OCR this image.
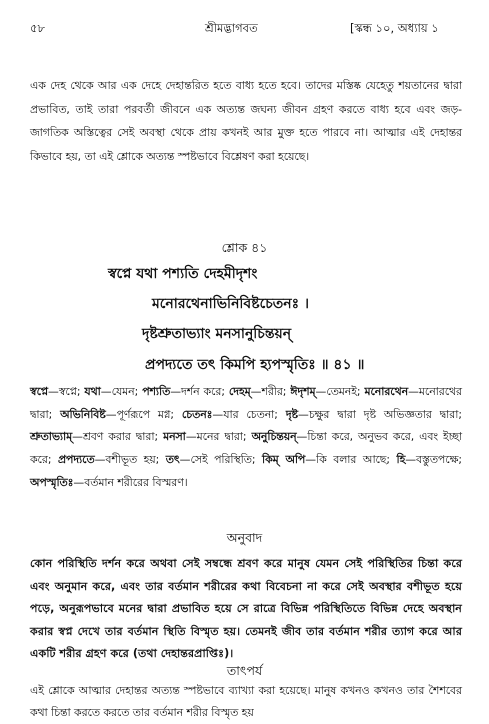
৫৮	শ্রীমদ্ভাগবত	[স্কন্ধ ১০, অধ্যায় ১
এক দেহ থেকে আর এক দেহে দেহান্তরিত হতে বাধ্য হতে হবে। তাদের মস্তিষ্ক যেহেতু শয়তানের দ্বারা প্রভাবিত, তাই তারা পরবর্তী জীবনে এক অত্যন্ত জঘন্য জীবন গ্রহণ করতে বাধ্য হবে এবং জড়-জাগতিক অস্তিত্বের সেই অবস্থা থেকে প্রায় কখনই আর মুক্ত হতে পারবে না। আত্মার এই দেহান্তর কিভাবে হয়, তা এই শ্লোকে অত্যন্ত স্পষ্টভাবে বিশ্লেষণ করা হয়েছে।
শ্লোক ৪১
স্বপ্নে যথা পশ্যতি দেহমীদৃশং
মনোরথেনাভিনিবিষ্টচেতনঃ ।
দৃষ্টশ্রুতাভ্যাং মনসানুচিন্তয়ন্
প্রপদ্যতে তৎ কিমপি হ্যপস্মৃতিঃ ॥ ৪১ ॥
স্বপ্নে—স্বপ্নে; যথা—যেমন; পশ্যতি—দর্শন করে; দেহম্—শরীর; ঈদৃশম্—তেমনই; মনোরথেন—মনোরথের দ্বারা; অভিনিবিষ্ট—পূর্ণরূপে মগ্ন; চেতনঃ—যার চেতনা; দৃষ্ট—চক্ষুর দ্বারা দৃষ্ট অভিজ্ঞতার দ্বারা; শ্রুতাভ্যাম্—শ্রবণ করার দ্বারা; মনসা—মনের দ্বারা; অনুচিন্তয়ন্—চিন্তা করে, অনুভব করে, এবং ইচ্ছা করে; প্রপদ্যতে—বশীভূত হয়; তৎ—সেই পরিস্থিতি; কিম্ অপি—কি বলার আছে; হি—বস্তুতপক্ষে; অপস্মৃতিঃ—বর্তমান শরীরের বিস্মরণ।
অনুবাদ
কোন পরিস্থিতি দর্শন করে অথবা সেই সম্বন্ধে শ্রবণ করে মানুষ যেমন সেই পরিস্থিতির চিন্তা করে এবং অনুমান করে, এবং তার বর্তমান শরীরের কথা বিবেচনা না করে সেই অবস্থার বশীভূত হয়ে পড়ে, অনুরূপভাবে মনের দ্বারা প্রভাবিত হয়ে সে রাত্রে বিভিন্ন পরিস্থিতিতে বিভিন্ন দেহে অবস্থান করার স্বপ্ন দেখে তার বর্তমান স্থিতি বিস্মৃত হয়। তেমনই জীব তার বর্তমান শরীর ত্যাগ করে আর একটি শরীর গ্রহণ করে (তথা দেহান্তরপ্রাপ্তিঃ)।
তাৎপর্য
এই শ্লোকে আত্মার দেহান্তর অত্যন্ত স্পষ্টভাবে ব্যাখ্যা করা হয়েছে। মানুষ কখনও কখনও তার শৈশবের কথা চিন্তা করতে করতে তার বর্তমান শরীর বিস্মৃত হয়
